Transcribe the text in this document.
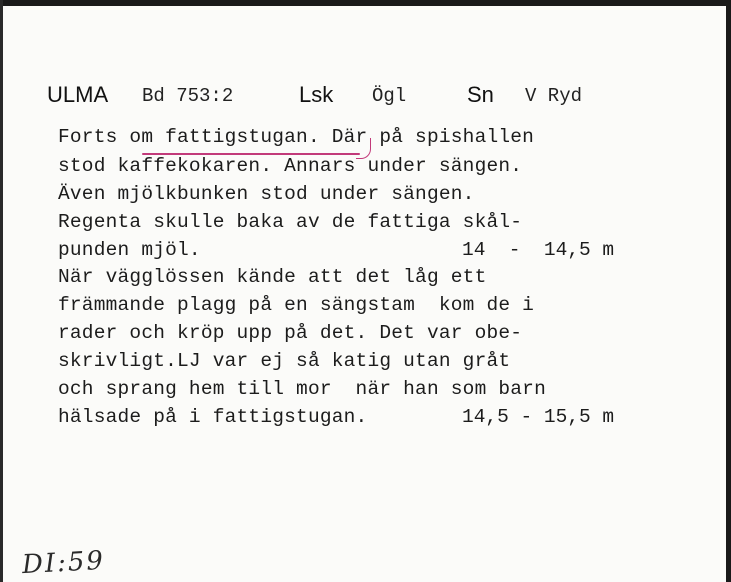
ULMA Bd 753:2	Lsk Ögl	Sn V Ryd
Forts om fattigstugan. Där på spishallen
stod kaffekokaren. Annars under sängen.
Även mjölkbunken stod under sängen.
Regenta skulle baka av de fattiga skål-
punden mjöl.
När vägglössen kände att det låg ett
främmande plagg på en sängstam  kom de i
rader och kröp upp på det. Det var obe-
skrivligt.LJ var ej så katig utan gråt
och sprang hem till mor  när han som barn
hälsade på i fattigstugan.
14  -  14,5 m
14,5 - 15,5 m
DI:59
